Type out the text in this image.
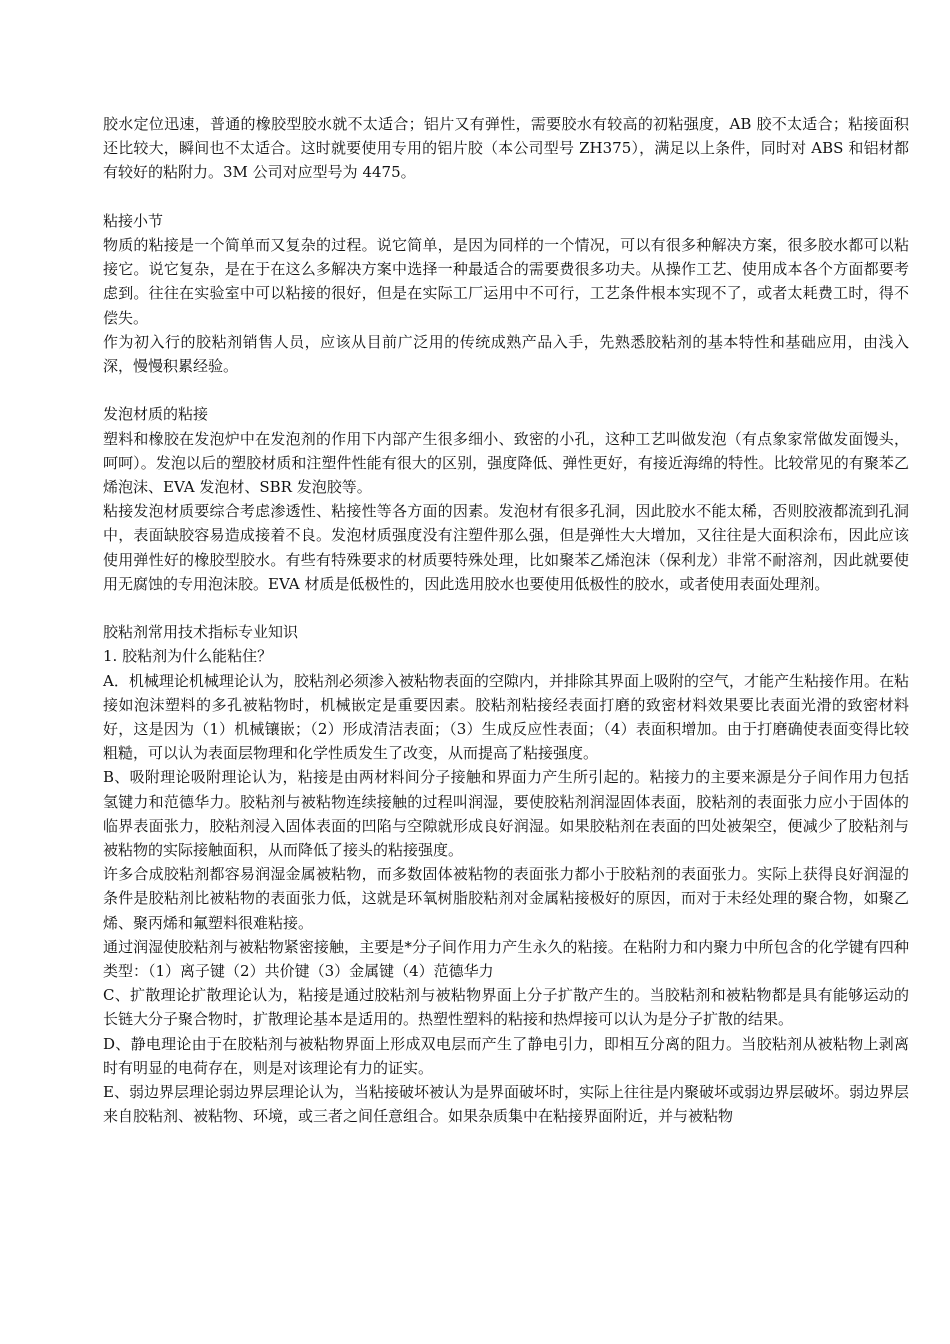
胶水定位迅速，普通的橡胶型胶水就不太适合；铝片又有弹性，需要胶水有较高的初粘强度，AB 胶不太适合；粘接面积还比较大，瞬间也不太适合。这时就要使用专用的铝片胶（本公司型号 ZH375），满足以上条件，同时对 ABS 和铝材都有较好的粘附力。3M 公司对应型号为 4475。

粘接小节

物质的粘接是一个简单而又复杂的过程。说它简单，是因为同样的一个情况，可以有很多种解决方案，很多胶水都可以粘接它。说它复杂，是在于在这么多解决方案中选择一种最适合的需要费很多功夫。从操作工艺、使用成本各个方面都要考虑到。往往在实验室中可以粘接的很好，但是在实际工厂运用中不可行，工艺条件根本实现不了，或者太耗费工时，得不偿失。

作为初入行的胶粘剂销售人员，应该从目前广泛用的传统成熟产品入手，先熟悉胶粘剂的基本特性和基础应用，由浅入深，慢慢积累经验。

发泡材质的粘接

塑料和橡胶在发泡炉中在发泡剂的作用下内部产生很多细小、致密的小孔，这种工艺叫做发泡（有点象家常做发面馒头，呵呵）。发泡以后的塑胶材质和注塑件性能有很大的区别，强度降低、弹性更好，有接近海绵的特性。比较常见的有聚苯乙烯泡沫、EVA 发泡材、SBR 发泡胶等。

粘接发泡材质要综合考虑渗透性、粘接性等各方面的因素。发泡材有很多孔洞，因此胶水不能太稀，否则胶液都流到孔洞中，表面缺胶容易造成接着不良。发泡材质强度没有注塑件那么强，但是弹性大大增加，又往往是大面积涂布，因此应该使用弹性好的橡胶型胶水。有些有特殊要求的材质要特殊处理，比如聚苯乙烯泡沫（保利龙）非常不耐溶剂，因此就要使用无腐蚀的专用泡沫胶。EVA 材质是低极性的，因此选用胶水也要使用低极性的胶水，或者使用表面处理剂。

胶粘剂常用技术指标专业知识

1. 胶粘剂为什么能粘住？

A．机械理论机械理论认为，胶粘剂必须渗入被粘物表面的空隙内，并排除其界面上吸附的空气，才能产生粘接作用。在粘接如泡沫塑料的多孔被粘物时，机械嵌定是重要因素。胶粘剂粘接经表面打磨的致密材料效果要比表面光滑的致密材料好，这是因为（1）机械镶嵌；（2）形成清洁表面；（3）生成反应性表面；（4）表面积增加。由于打磨确使表面变得比较粗糙，可以认为表面层物理和化学性质发生了改变，从而提高了粘接强度。

B、吸附理论吸附理论认为，粘接是由两材料间分子接触和界面力产生所引起的。粘接力的主要来源是分子间作用力包括氢键力和范德华力。胶粘剂与被粘物连续接触的过程叫润湿，要使胶粘剂润湿固体表面，胶粘剂的表面张力应小于固体的临界表面张力，胶粘剂浸入固体表面的凹陷与空隙就形成良好润湿。如果胶粘剂在表面的凹处被架空，便减少了胶粘剂与被粘物的实际接触面积，从而降低了接头的粘接强度。

许多合成胶粘剂都容易润湿金属被粘物，而多数固体被粘物的表面张力都小于胶粘剂的表面张力。实际上获得良好润湿的条件是胶粘剂比被粘物的表面张力低，这就是环氧树脂胶粘剂对金属粘接极好的原因，而对于未经处理的聚合物，如聚乙烯、聚丙烯和氟塑料很难粘接。

通过润湿使胶粘剂与被粘物紧密接触，主要是*分子间作用力产生永久的粘接。在粘附力和内聚力中所包含的化学键有四种类型：（1）离子键（2）共价键（3）金属键（4）范德华力

C、扩散理论扩散理论认为，粘接是通过胶粘剂与被粘物界面上分子扩散产生的。当胶粘剂和被粘物都是具有能够运动的长链大分子聚合物时，扩散理论基本是适用的。热塑性塑料的粘接和热焊接可以认为是分子扩散的结果。

D、静电理论由于在胶粘剂与被粘物界面上形成双电层而产生了静电引力，即相互分离的阻力。当胶粘剂从被粘物上剥离时有明显的电荷存在，则是对该理论有力的证实。

E、弱边界层理论弱边界层理论认为，当粘接破坏被认为是界面破坏时，实际上往往是内聚破坏或弱边界层破坏。弱边界层来自胶粘剂、被粘物、环境，或三者之间任意组合。如果杂质集中在粘接界面附近，并与被粘物
